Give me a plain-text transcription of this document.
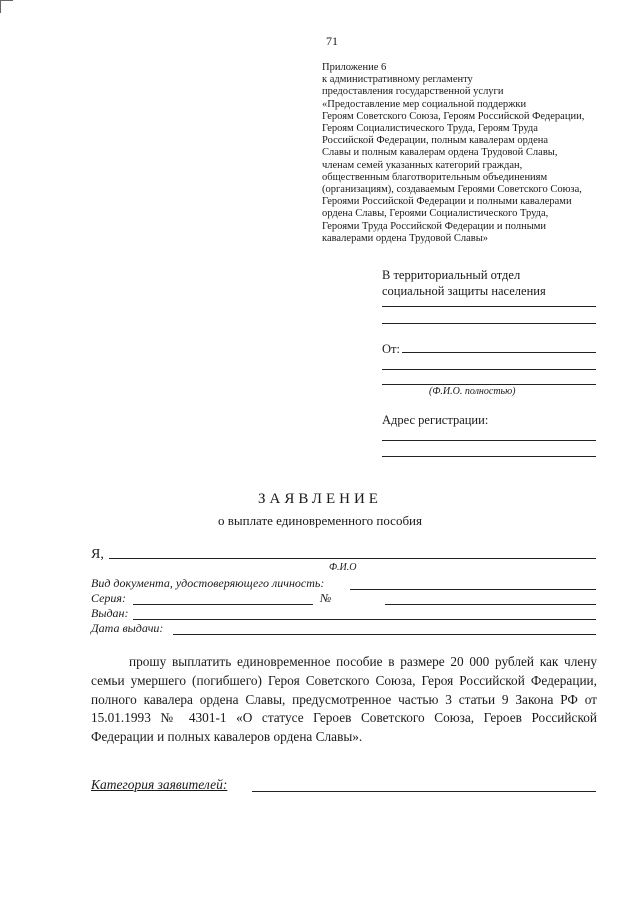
71
Приложение 6
к административному регламенту
предоставления государственной услуги
«Предоставление мер социальной поддержки
Героям Советского Союза, Героям Российской Федерации,
Героям Социалистического Труда, Героям Труда
Российской Федерации, полным кавалерам ордена
Славы и полным кавалерам ордена Трудовой Славы,
членам семей указанных категорий граждан,
общественным благотворительным объединениям
(организациям), создаваемым Героями Советского Союза,
Героями Российской Федерации и полными кавалерами
ордена Славы, Героями Социалистического Труда,
Героями Труда Российской Федерации и полными
кавалерами ордена Трудовой Славы»
В территориальный отдел
социальной защиты населения
От:
(Ф.И.О. полностью)
Адрес регистрации:
ЗАЯВЛЕНИЕ
о выплате единовременного пособия
Я,
Ф.И.О
Вид документа, удостоверяющего личность:
Серия:	№
Выдан:
Дата выдачи:
прошу выплатить единовременное пособие в размере 20 000 рублей как члену семьи умершего (погибшего) Героя Советского Союза, Героя Российской Федерации, полного кавалера ордена Славы, предусмотренное частью 3 статьи 9 Закона РФ от 15.01.1993 № 4301-1 «О статусе Героев Советского Союза, Героев Российской Федерации и полных кавалеров ордена Славы».
Категория заявителей:
